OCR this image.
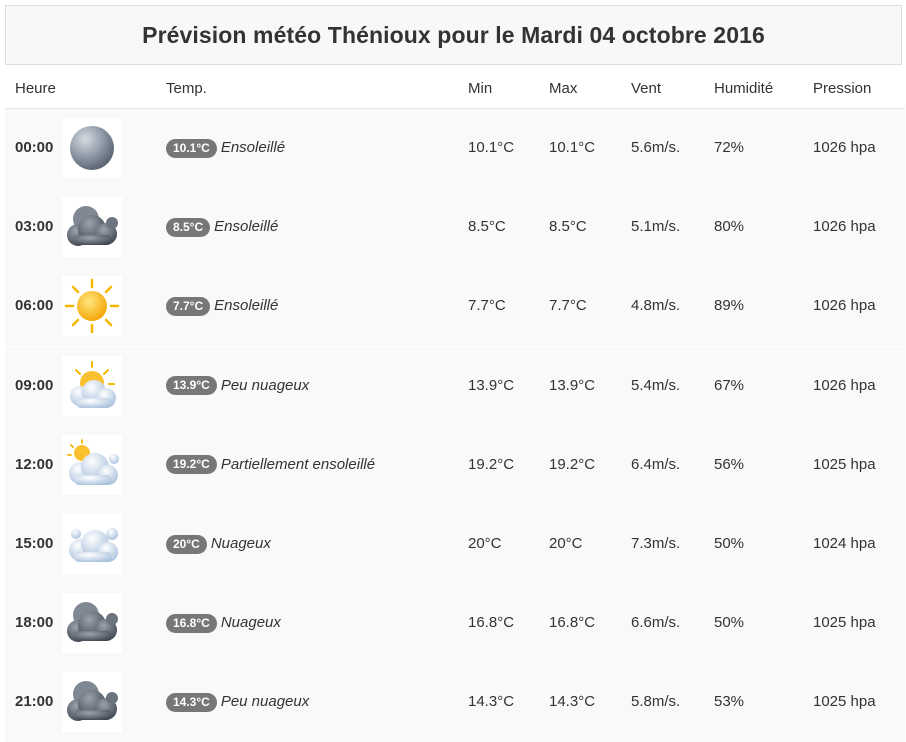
Prévision météo Thénioux pour le Mardi 04 octobre 2016
Heure	Temp.	Min	Max	Vent	Humidité	Pression
00:00	10.1°C Ensoleillé	10.1°C 10.1°C 5.6m/s. 72%	1026 hpa
03:00	8.5°C Ensoleillé	8.5°C	8.5°C	5.1m/s. 80%	1026 hpa
06:00	7.7°C Ensoleillé	7.7°C	7.7°C	4.8m/s. 89%	1026 hpa
09:00	13.9°C Peu nuageux	13.9°C 13.9°C 5.4m/s. 67%	1026 hpa
12:00	19.2°C Partiellement ensoleillé	19.2°C 19.2°C 6.4m/s. 56%	1025 hpa
15:00	20°C Nuageux	20°C	20°C	7.3m/s. 50%	1024 hpa
18:00	16.8°C Nuageux	16.8°C 16.8°C 6.6m/s. 50%	1025 hpa
21:00	14.3°C Peu nuageux	14.3°C 14.3°C 5.8m/s. 53%	1025 hpa
